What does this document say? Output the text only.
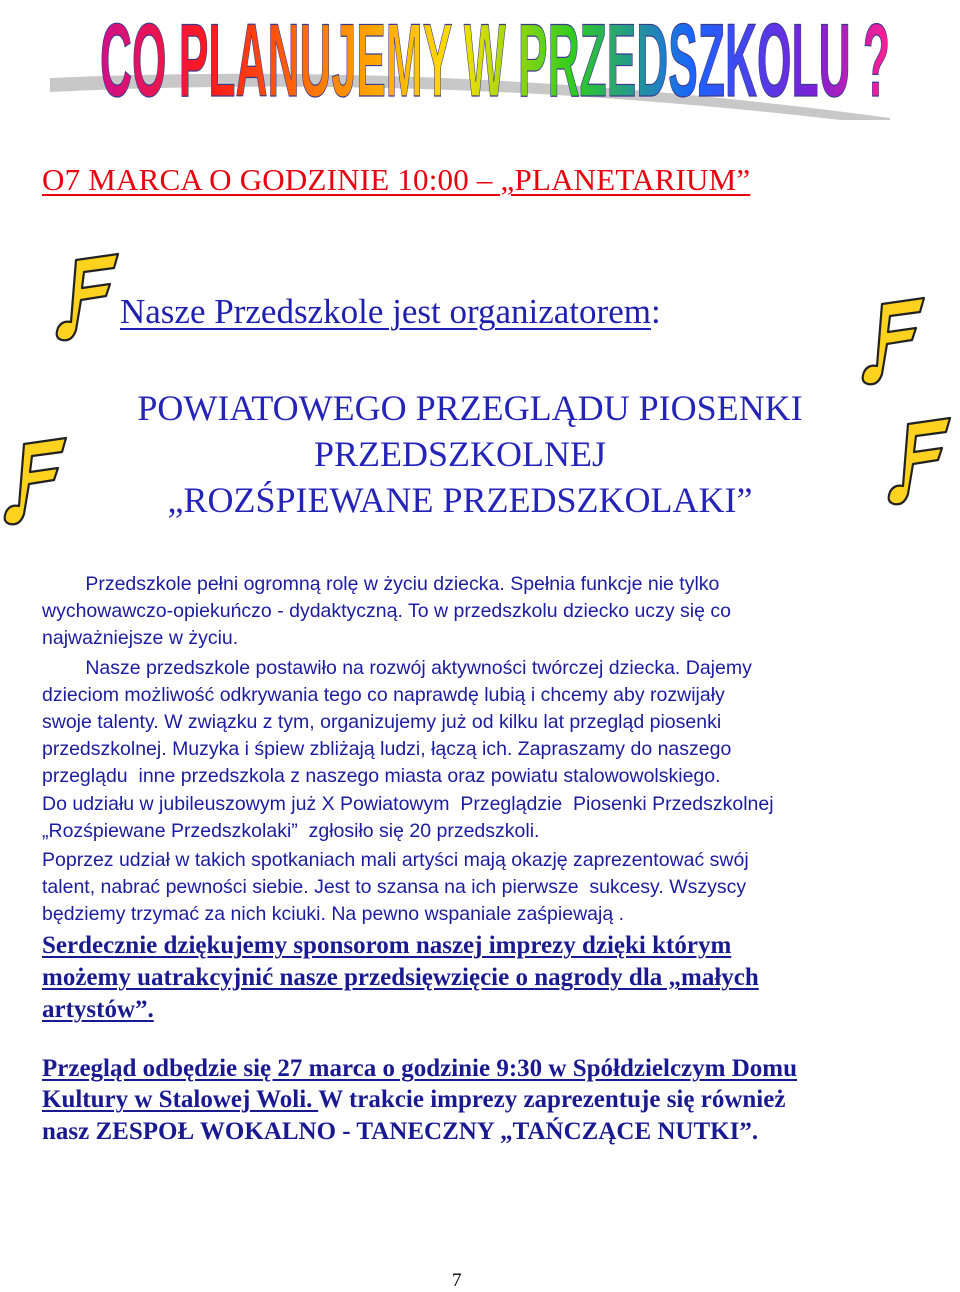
CO PLANUJEMY W PRZEDSZKOLU ?
O7 MARCA O GODZINIE 10:00 – „PLANETARIUM”
Nasze Przedszkole jest organizatorem:
POWIATOWEGO PRZEGLĄDU PIOSENKI
PRZEDSZKOLNEJ
„ROZŚPIEWANE PRZEDSZKOLAKI”
Przedszkole pełni ogromną rolę w życiu dziecka. Spełnia funkcje nie tylko
wychowawczo-opiekuńczo - dydaktyczną. To w przedszkolu dziecko uczy się co
najważniejsze w życiu.
Nasze przedszkole postawiło na rozwój aktywności twórczej dziecka. Dajemy
dzieciom możliwość odkrywania tego co naprawdę lubią i chcemy aby rozwijały
swoje talenty. W związku z tym, organizujemy już od kilku lat przegląd piosenki
przedszkolnej. Muzyka i śpiew zbliżają ludzi, łączą ich. Zapraszamy do naszego
przeglądu  inne przedszkola z naszego miasta oraz powiatu stalowowolskiego.
Do udziału w jubileuszowym już X Powiatowym  Przeglądzie  Piosenki Przedszkolnej
„Rozśpiewane Przedszkolaki”  zgłosiło się 20 przedszkoli.
Poprzez udział w takich spotkaniach mali artyści mają okazję zaprezentować swój
talent, nabrać pewności siebie. Jest to szansa na ich pierwsze  sukcesy. Wszyscy
będziemy trzymać za nich kciuki. Na pewno wspaniale zaśpiewają .
Serdecznie dziękujemy sponsorom naszej imprezy dzięki którym
możemy uatrakcyjnić nasze przedsięwzięcie o nagrody dla „małych
artystów”.
Przegląd odbędzie się 27 marca o godzinie 9:30 w Spółdzielczym Domu
Kultury w Stalowej Woli. W trakcie imprezy zaprezentuje się również
nasz ZESPOŁ WOKALNO - TANECZNY „TAŃCZĄCE NUTKI”.
7
